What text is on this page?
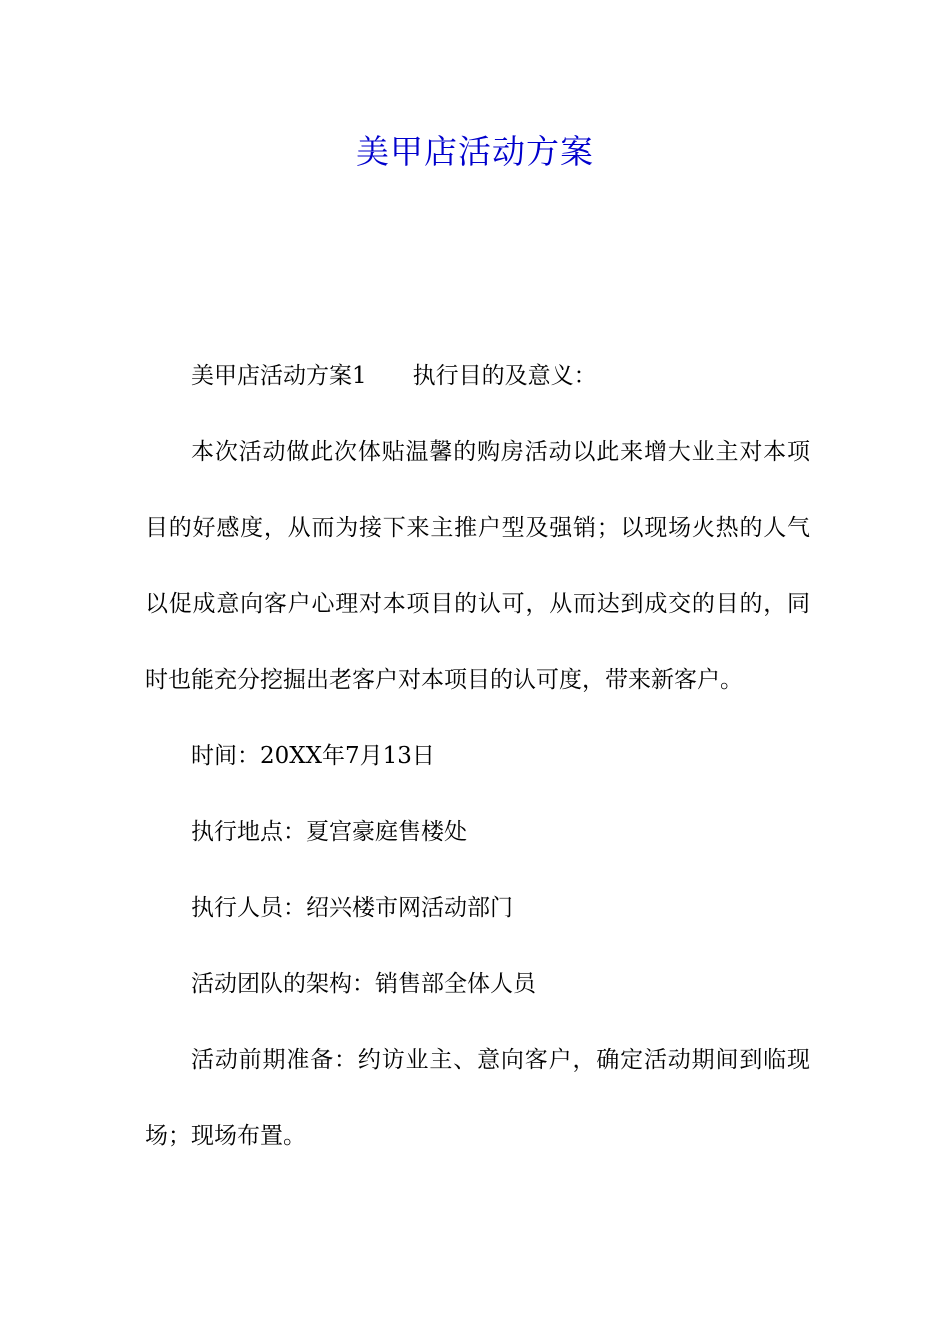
美甲店活动方案

美甲店活动方案1 执行目的及意义：

本次活动做此次体贴温馨的购房活动以此来增大业主对本项目的好感度，从而为接下来主推户型及强销；以现场火热的人气以促成意向客户心理对本项目的认可，从而达到成交的目的，同时也能充分挖掘出老客户对本项目的认可度，带来新客户。

时间：20XX年7月13日

执行地点：夏宫豪庭售楼处

执行人员：绍兴楼市网活动部门

活动团队的架构：销售部全体人员

活动前期准备：约访业主、意向客户，确定活动期间到临现场；现场布置。
